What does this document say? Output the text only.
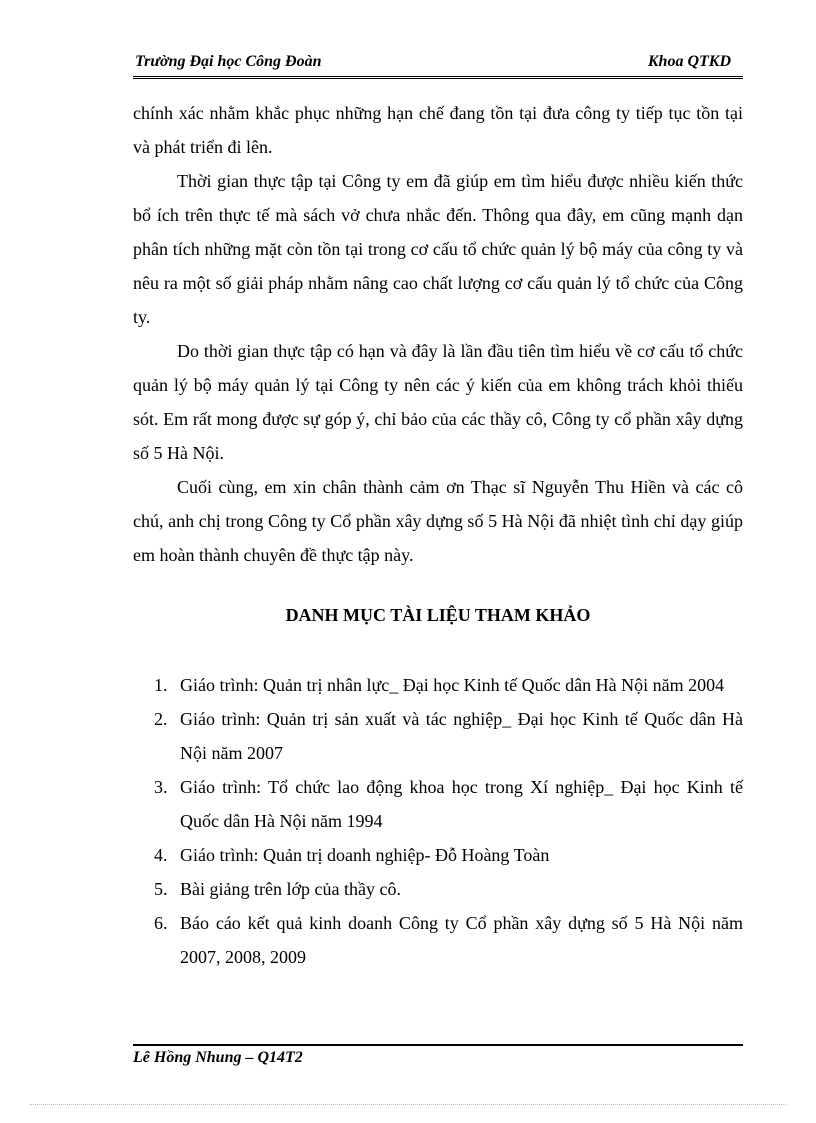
Trường Đại học Công Đoàn	Khoa QTKD

chính xác nhằm khắc phục những hạn chế đang tồn tại đưa công ty tiếp tục tồn tại và phát triển đi lên.

Thời gian thực tập tại Công ty em đã giúp em tìm hiểu được nhiều kiến thức bổ ích trên thực tế mà sách vở chưa nhắc đến. Thông qua đây, em cũng mạnh dạn phân tích những mặt còn tồn tại trong cơ cấu tổ chức quản lý bộ máy của công ty và nêu ra một số giải pháp nhằm nâng cao chất lượng cơ cấu quản lý tổ chức của Công ty.

Do thời gian thực tập có hạn và đây là lần đầu tiên tìm hiểu về cơ cấu tổ chức quản lý bộ máy quản lý tại Công ty nên các ý kiến của em không trách khỏi thiếu sót. Em rất mong được sự góp ý, chỉ bảo của các thầy cô, Công ty cổ phần xây dựng số 5 Hà Nội.

Cuối cùng, em xin chân thành cảm ơn Thạc sĩ Nguyễn Thu Hiền và các cô chú, anh chị trong Công ty Cổ phần xây dựng số 5 Hà Nội đã nhiệt tình chỉ dạy giúp em hoàn thành chuyên đề thực tập này.

DANH MỤC TÀI LIỆU THAM KHẢO
1. Giáo trình: Quản trị nhân lực_ Đại học Kinh tế Quốc dân Hà Nội năm 2004
2. Giáo trình: Quản trị sản xuất và tác nghiệp_ Đại học Kinh tế Quốc dân Hà Nội năm 2007
3. Giáo trình: Tổ chức lao động khoa học trong Xí nghiệp_ Đại học Kinh tế Quốc dân Hà Nội năm 1994
4. Giáo trình: Quản trị doanh nghiệp- Đỗ Hoàng Toàn
5. Bài giảng trên lớp của thầy cô.
6. Báo cáo kết quả kinh doanh Công ty Cổ phần xây dựng số 5 Hà Nội năm 2007, 2008, 2009
Lê Hồng Nhung – Q14T2
